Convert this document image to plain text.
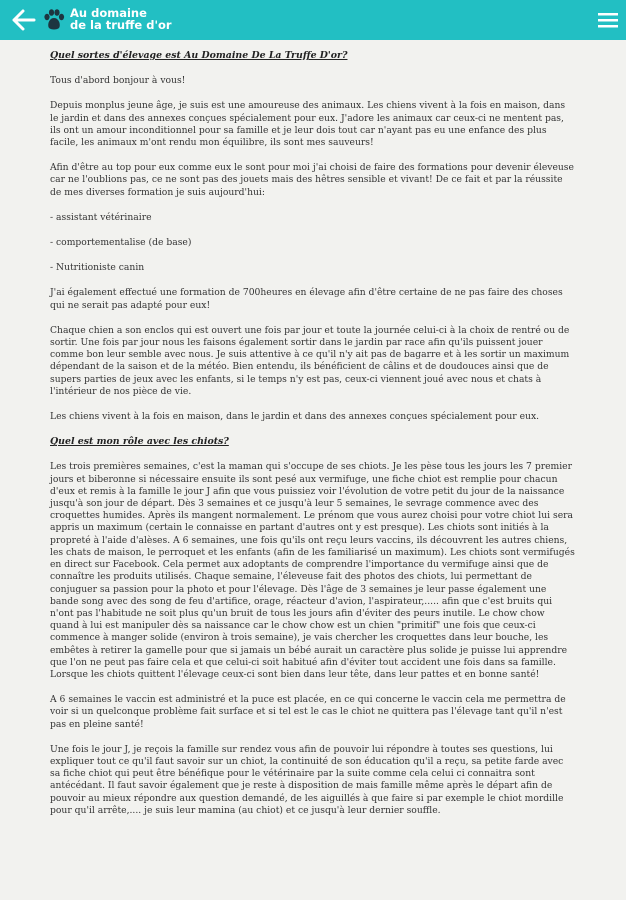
Au domaine
de la truffe d'or
Quel sortes d'élevage est Au Domaine De La Truffe D'or?

Tous d'abord bonjour à vous!

Depuis monplus jeune âge, je suis est une amoureuse des animaux. Les chiens vivent à la fois en maison, dans le jardin et dans des annexes conçues spécialement pour eux. J'adore les animaux car ceux-ci ne mentent pas, ils ont un amour inconditionnel pour sa famille et je leur dois tout car n'ayant pas eu une enfance des plus facile, les animaux m'ont rendu mon équilibre, ils sont mes sauveurs!

Afin d'être au top pour eux comme eux le sont pour moi j'ai choisi de faire des formations pour devenir éleveuse car ne l'oublions pas, ce ne sont pas des jouets mais des hêtres sensible et vivant! De ce fait et par la réussite de mes diverses formation je suis aujourd'hui:

- assistant vétérinaire

- comportementalise (de base)

- Nutritioniste canin

J'ai également effectué une formation de 700heures en élevage afin d'être certaine de ne pas faire des choses qui ne serait pas adapté pour eux!

Chaque chien a son enclos qui est ouvert une fois par jour et toute la journée celui-ci à la choix de rentré ou de sortir. Une fois par jour nous les faisons également sortir dans le jardin par race afin qu'ils puissent jouer comme bon leur semble avec nous. Je suis attentive à ce qu'il n'y ait pas de bagarre et à les sortir un maximum dépendant de la saison et de la météo. Bien entendu, ils bénéficient de câlins et de doudouces ainsi que de supers parties de jeux avec les enfants, si le temps n'y est pas, ceux-ci viennent joué avec nous et chats à l'intérieur de nos pièce de vie.

Les chiens vivent à la fois en maison, dans le jardin et dans des annexes conçues spécialement pour eux.

Quel est mon rôle avec les chiots?

Les trois premières semaines, c'est la maman qui s'occupe de ses chiots. Je les pèse tous les jours les 7 premier jours et biberonne si nécessaire ensuite ils sont pesé aux vermifuge, une fiche chiot est remplie pour chacun d'eux et remis à la famille le jour J afin que vous puissiez voir l'évolution de votre petit du jour de la naissance jusqu'à son jour de départ. Dès 3 semaines et ce jusqu'à leur 5 semaines, le sevrage commence avec des croquettes humides. Après ils mangent normalement. Le prénom que vous aurez choisi pour votre chiot lui sera appris un maximum (certain le connaisse en partant d'autres ont y est presque). Les chiots sont initiés à la propreté à l'aide d'alèses. A 6 semaines, une fois qu'ils ont reçu leurs vaccins, ils découvrent les autres chiens, les chats de maison, le perroquet et les enfants (afin de les familiarisé un maximum). Les chiots sont vermifugés en direct sur Facebook. Cela permet aux adoptants de comprendre l'importance du vermifuge ainsi que de connaître les produits utilisés. Chaque semaine, l'éleveuse fait des photos des chiots, lui permettant de conjuguer sa passion pour la photo et pour l'élevage. Dès l'âge de 3 semaines je leur passe également une bande song avec des song de feu d'artifice, orage, réacteur d'avion, l'aspirateur,..... afin que c'est bruits qui n'ont pas l'habitude ne soit plus qu'un bruit de tous les jours afin d'éviter des peurs inutile. Le chow chow quand à lui est manipuler dès sa naissance car le chow chow est un chien "primitif" une fois que ceux-ci commence à manger solide (environ à trois semaine), je vais chercher les croquettes dans leur bouche, les embêtes à retirer la gamelle pour que si jamais un bébé aurait un caractère plus solide je puisse lui apprendre que l'on ne peut pas faire cela et que celui-ci soit habitué afin d'éviter tout accident une fois dans sa famille. Lorsque les chiots quittent l'élevage ceux-ci sont bien dans leur tête, dans leur pattes et en bonne santé!

A 6 semaines le vaccin est administré et la puce est placée, en ce qui concerne le vaccin cela me permettra de voir si un quelconque problème fait surface et si tel est le cas le chiot ne quittera pas l'élevage tant qu'il n'est pas en pleine santé!

Une fois le jour J, je reçois la famille sur rendez vous afin de pouvoir lui répondre à toutes ses questions, lui expliquer tout ce qu'il faut savoir sur un chiot, la continuité de son éducation qu'il a reçu, sa petite farde avec sa fiche chiot qui peut être bénéfique pour le vétérinaire par la suite comme cela celui ci connaitra sont antécédant. Il faut savoir également que je reste à disposition de mais famille même après le départ afin de pouvoir au mieux répondre aux question demandé, de les aiguillés à que faire si par exemple le chiot mordille pour qu'il arrête,.... je suis leur mamina (au chiot) et ce jusqu'à leur dernier souffle.
